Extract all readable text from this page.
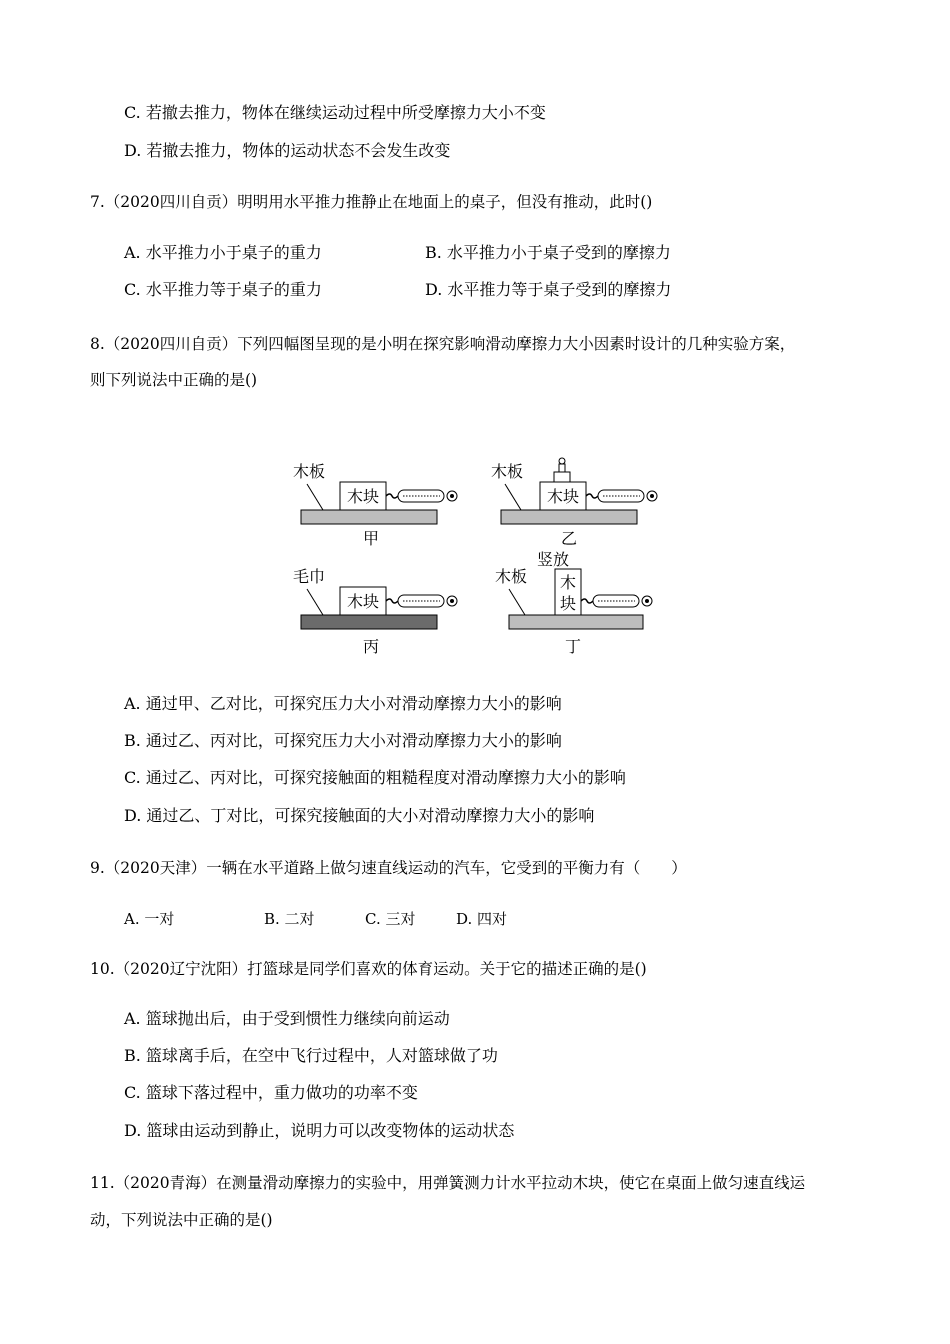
C. 若撤去推力，物体在继续运动过程中所受摩擦力大小不变
D. 若撤去推力，物体的运动状态不会发生改变
7.（2020四川自贡）明明用水平推力推静止在地面上的桌子，但没有推动，此时()
A. 水平推力小于桌子的重力	B. 水平推力小于桌子受到的摩擦力
C. 水平推力等于桌子的重力	D. 水平推力等于桌子受到的摩擦力
8.（2020四川自贡）下列四幅图呈现的是小明在探究影响滑动摩擦力大小因素时设计的几种实验方案，
则下列说法中正确的是()
木板
木块
甲
木板
木块
乙
毛巾
木块
丙
竖放
木板 木
块
丁
A. 通过甲、乙对比，可探究压力大小对滑动摩擦力大小的影响
B. 通过乙、丙对比，可探究压力大小对滑动摩擦力大小的影响
C. 通过乙、丙对比，可探究接触面的粗糙程度对滑动摩擦力大小的影响
D. 通过乙、丁对比，可探究接触面的大小对滑动摩擦力大小的影响
9.（2020天津）一辆在水平道路上做匀速直线运动的汽车，它受到的平衡力有（　　）
A. 一对	B. 二对	C. 三对	D. 四对
10.（2020辽宁沈阳）打篮球是同学们喜欢的体育运动。关于它的描述正确的是()
A. 篮球抛出后，由于受到惯性力继续向前运动
B. 篮球离手后，在空中飞行过程中，人对篮球做了功
C. 篮球下落过程中，重力做功的功率不变
D. 篮球由运动到静止，说明力可以改变物体的运动状态
11.（2020青海）在测量滑动摩擦力的实验中，用弹簧测力计水平拉动木块，使它在桌面上做匀速直线运
动，下列说法中正确的是()
